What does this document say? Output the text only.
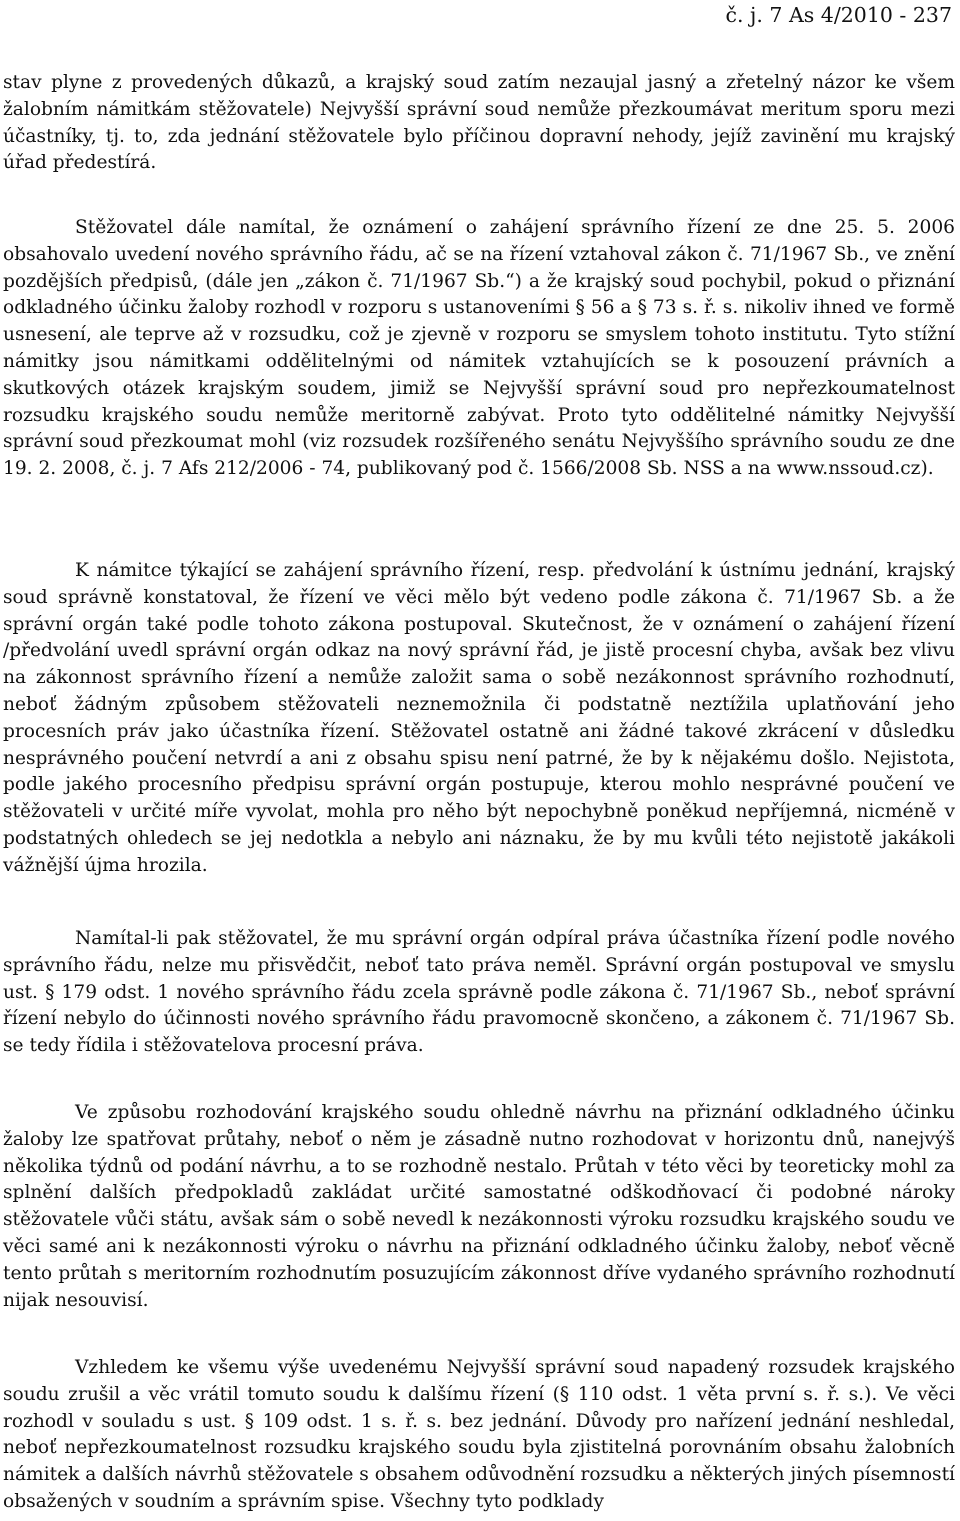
č. j. 7 As 4/2010 - 237

stav plyne z provedených důkazů, a krajský soud zatím nezaujal jasný a zřetelný názor ke všem žalobním námitkám stěžovatele) Nejvyšší správní soud nemůže přezkoumávat meritum sporu mezi účastníky, tj. to, zda jednání stěžovatele bylo příčinou dopravní nehody, jejíž zavinění mu krajský úřad předestírá.

Stěžovatel dále namítal, že oznámení o zahájení správního řízení ze dne 25. 5. 2006 obsahovalo uvedení nového správního řádu, ač se na řízení vztahoval zákon č. 71/1967 Sb., ve znění pozdějších předpisů, (dále jen „zákon č. 71/1967 Sb.“) a že krajský soud pochybil, pokud o přiznání odkladného účinku žaloby rozhodl v rozporu s ustanoveními § 56 a § 73 s. ř. s. nikoliv ihned ve formě usnesení, ale teprve až v rozsudku, což je zjevně v rozporu se smyslem tohoto institutu. Tyto stížní námitky jsou námitkami oddělitelnými od námitek vztahujících se k posouzení právních a skutkových otázek krajským soudem, jimiž se Nejvyšší správní soud pro nepřezkoumatelnost rozsudku krajského soudu nemůže meritorně zabývat. Proto tyto oddělitelné námitky Nejvyšší správní soud přezkoumat mohl (viz rozsudek rozšířeného senátu Nejvyššího správního soudu ze dne 19. 2. 2008, č. j. 7 Afs 212/2006 - 74, publikovaný pod č. 1566/2008 Sb. NSS a na www.nssoud.cz).

K námitce týkající se zahájení správního řízení, resp. předvolání k ústnímu jednání, krajský soud správně konstatoval, že řízení ve věci mělo být vedeno podle zákona č. 71/1967 Sb. a že správní orgán také podle tohoto zákona postupoval. Skutečnost, že v oznámení o zahájení řízení /předvolání uvedl správní orgán odkaz na nový správní řád, je jistě procesní chyba, avšak bez vlivu na zákonnost správního řízení a nemůže založit sama o sobě nezákonnost správního rozhodnutí, neboť žádným způsobem stěžovateli neznemožnila či podstatně neztížila uplatňování jeho procesních práv jako účastníka řízení. Stěžovatel ostatně ani žádné takové zkrácení v důsledku nesprávného poučení netvrdí a ani z obsahu spisu není patrné, že by k nějakému došlo. Nejistota, podle jakého procesního předpisu správní orgán postupuje, kterou mohlo nesprávné poučení ve stěžovateli v určité míře vyvolat, mohla pro něho být nepochybně poněkud nepříjemná, nicméně v podstatných ohledech se jej nedotkla a nebylo ani náznaku, že by mu kvůli této nejistotě jakákoli vážnější újma hrozila.

Namítal-li pak stěžovatel, že mu správní orgán odpíral práva účastníka řízení podle nového správního řádu, nelze mu přisvědčit, neboť tato práva neměl. Správní orgán postupoval ve smyslu ust. § 179 odst. 1 nového správního řádu zcela správně podle zákona č. 71/1967 Sb., neboť správní řízení nebylo do účinnosti nového správního řádu pravomocně skončeno, a zákonem č. 71/1967 Sb. se tedy řídila i stěžovatelova procesní práva.

Ve způsobu rozhodování krajského soudu ohledně návrhu na přiznání odkladného účinku žaloby lze spatřovat průtahy, neboť o něm je zásadně nutno rozhodovat v horizontu dnů, nanejvýš několika týdnů od podání návrhu, a to se rozhodně nestalo. Průtah v této věci by teoreticky mohl za splnění dalších předpokladů zakládat určité samostatné odškodňovací či podobné nároky stěžovatele vůči státu, avšak sám o sobě nevedl k nezákonnosti výroku rozsudku krajského soudu ve věci samé ani k nezákonnosti výroku o návrhu na přiznání odkladného účinku žaloby, neboť věcně tento průtah s meritorním rozhodnutím posuzujícím zákonnost dříve vydaného správního rozhodnutí nijak nesouvisí.

Vzhledem ke všemu výše uvedenému Nejvyšší správní soud napadený rozsudek krajského soudu zrušil a věc vrátil tomuto soudu k dalšímu řízení (§ 110 odst. 1 věta první s. ř. s.). Ve věci rozhodl v souladu s ust. § 109 odst. 1 s. ř. s. bez jednání. Důvody pro nařízení jednání neshledal, neboť nepřezkoumatelnost rozsudku krajského soudu byla zjistitelná porovnáním obsahu žalobních námitek a dalších návrhů stěžovatele s obsahem odůvodnění rozsudku a některých jiných písemností obsažených v soudním a správním spise. Všechny tyto podklady
